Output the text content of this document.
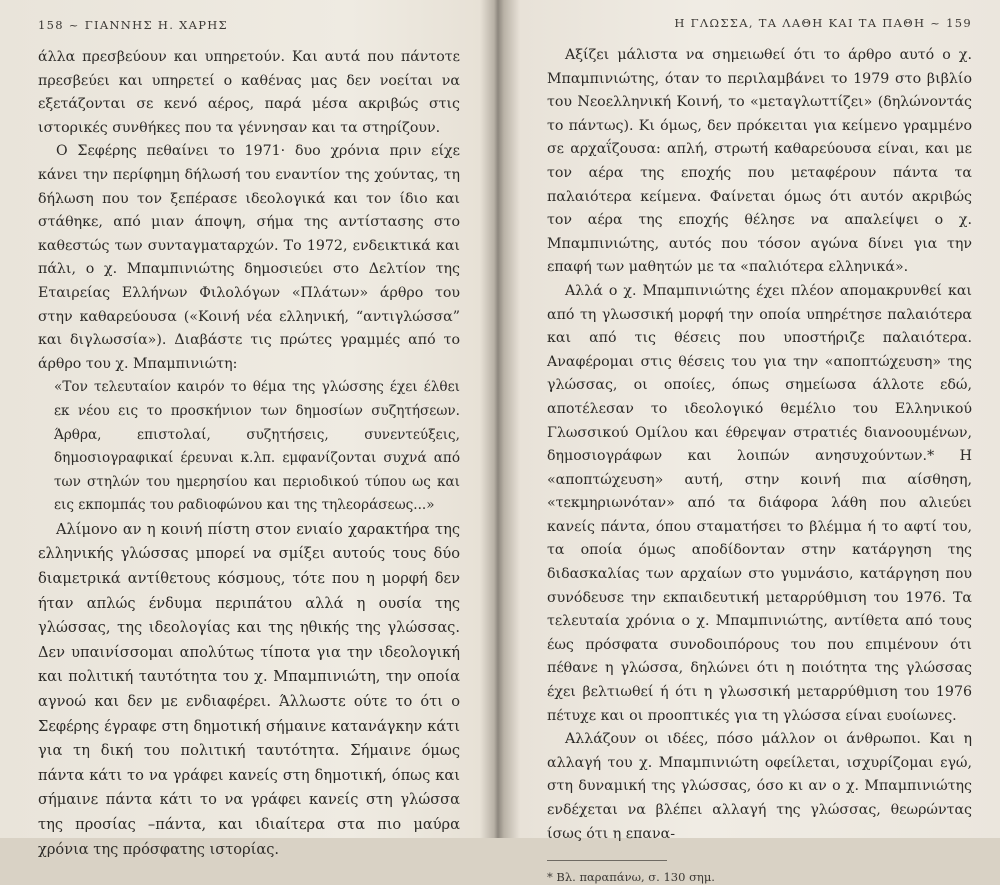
158 ~ ΓΙΑΝΝΗΣ Η. ΧΑΡΗΣ

άλλα πρεσβεύουν και υπηρετούν. Και αυτά που πάντοτε πρεσβεύει και υπηρετεί ο καθένας μας δεν νοείται να εξετάζονται σε κενό αέρος, παρά μέσα ακριβώς στις ιστορικές συνθήκες που τα γέννησαν και τα στηρίζουν.

Ο Σεφέρης πεθαίνει το 1971· δυο χρόνια πριν είχε κάνει την περίφημη δήλωσή του εναντίον της χούντας, τη δήλωση που τον ξεπέρασε ιδεολογικά και τον ίδιο και στάθηκε, από μιαν άποψη, σήμα της αντίστασης στο καθεστώς των συνταγματαρχών. Το 1972, ενδεικτικά και πάλι, ο χ. Μπαμπινιώτης δημοσιεύει στο Δελτίον της Εταιρείας Ελλήνων Φιλολόγων «Πλάτων» άρθρο του στην καθαρεύουσα («Κοινή νέα ελληνική, “αντιγλώσσα” και διγλωσσία»). Διαβάστε τις πρώτες γραμμές από το άρθρο του χ. Μπαμπινιώτη:

«Τον τελευταίον καιρόν το θέμα της γλώσσης έχει έλθει εκ νέου εις το προσκήνιον των δημοσίων συζητήσεων. Άρθρα, επιστολαί, συζητήσεις, συνεντεύξεις, δημοσιογραφικαί έρευναι κ.λπ. εμφανίζονται συχνά από των στηλών του ημερησίου και περιοδικού τύπου ως και εις εκπομπάς του ραδιοφώνου και της τηλεοράσεως...»

Αλίμονο αν η κοινή πίστη στον ενιαίο χαρακτήρα της ελληνικής γλώσσας μπορεί να σμίξει αυτούς τους δύο διαμετρικά αντίθετους κόσμους, τότε που η μορφή δεν ήταν απλώς ένδυμα περιπάτου αλλά η ουσία της γλώσσας, της ιδεολογίας και της ηθικής της γλώσσας. Δεν υπαινίσσομαι απολύτως τίποτα για την ιδεολογική και πολιτική ταυτότητα του χ. Μπαμπινιώτη, την οποία αγνοώ και δεν με ενδιαφέρει. Άλλωστε ούτε το ότι ο Σεφέρης έγραφε στη δημοτική σήμαινε κατανάγκην κάτι για τη δική του πολιτική ταυτότητα. Σήμαινε όμως πάντα κάτι το να γράφει κανείς στη δημοτική, όπως και σήμαινε πάντα κάτι το να γράφει κανείς στη γλώσσα της προσίας –πάντα, και ιδιαίτερα στα πιο μαύρα χρόνια της πρόσφατης ιστορίας.

Η ΓΛΩΣΣΑ, ΤΑ ΛΑΘΗ ΚΑΙ ΤΑ ΠΑΘΗ ~ 159

Αξίζει μάλιστα να σημειωθεί ότι το άρθρο αυτό ο χ. Μπαμπινιώτης, όταν το περιλαμβάνει το 1979 στο βιβλίο του Νεοελληνική Κοινή, το «μεταγλωττίζει» (δηλώνοντάς το πάντως). Κι όμως, δεν πρόκειται για κείμενο γραμμένο σε αρχαΐζουσα: απλή, στρωτή καθαρεύουσα είναι, και με τον αέρα της εποχής που μεταφέρουν πάντα τα παλαιότερα κείμενα. Φαίνεται όμως ότι αυτόν ακριβώς τον αέρα της εποχής θέλησε να απαλείψει ο χ. Μπαμπινιώτης, αυτός που τόσον αγώνα δίνει για την επαφή των μαθητών με τα «παλιότερα ελληνικά».

Αλλά ο χ. Μπαμπινιώτης έχει πλέον απομακρυνθεί και από τη γλωσσική μορφή την οποία υπηρέτησε παλαιότερα και από τις θέσεις που υποστήριζε παλαιότερα. Αναφέρομαι στις θέσεις του για την «αποπτώχευση» της γλώσσας, οι οποίες, όπως σημείωσα άλλοτε εδώ, αποτέλεσαν το ιδεολογικό θεμέλιο του Ελληνικού Γλωσσικού Ομίλου και έθρεψαν στρατιές διανοουμένων, δημοσιογράφων και λοιπών ανησυχούντων.* Η «αποπτώχευση» αυτή, στην κοινή πια αίσθηση, «τεκμηριωνόταν» από τα διάφορα λάθη που αλιεύει κανείς πάντα, όπου σταματήσει το βλέμμα ή το αφτί του, τα οποία όμως αποδίδονταν στην κατάργηση της διδασκαλίας των αρχαίων στο γυμνάσιο, κατάργηση που συνόδευσε την εκπαιδευτική μεταρρύθμιση του 1976. Τα τελευταία χρόνια ο χ. Μπαμπινιώτης, αντίθετα από τους έως πρόσφατα συνοδοιπόρους του που επιμένουν ότι πέθανε η γλώσσα, δηλώνει ότι η ποιότητα της γλώσσας έχει βελτιωθεί ή ότι η γλωσσική μεταρρύθμιση του 1976 πέτυχε και οι προοπτικές για τη γλώσσα είναι ευοίωνες.

Αλλάζουν οι ιδέες, πόσο μάλλον οι άνθρωποι. Και η αλλαγή του χ. Μπαμπινιώτη οφείλεται, ισχυρίζομαι εγώ, στη δυναμική της γλώσσας, όσο κι αν ο χ. Μπαμπινιώτης ενδέχεται να βλέπει αλλαγή της γλώσσας, θεωρώντας ίσως ότι η επανα-

* Βλ. παραπάνω, σ. 130 σημ.
